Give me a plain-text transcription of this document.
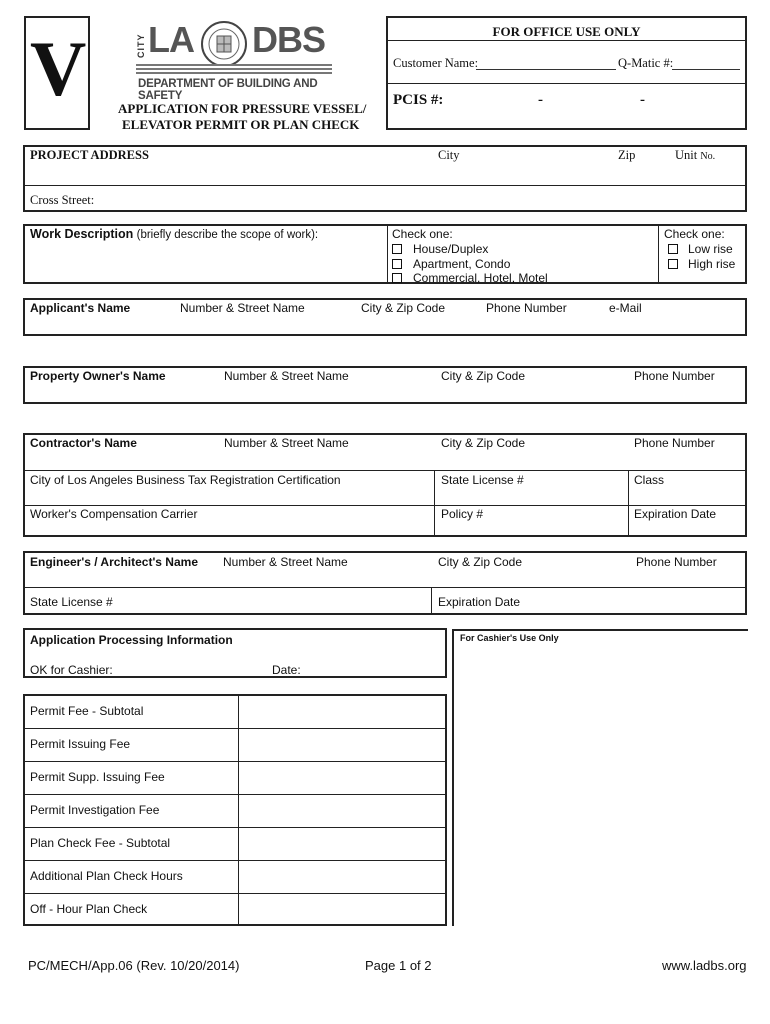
V	CITY LA DBS
DEPARTMENT OF BUILDING AND SAFETY
APPLICATION FOR PRESSURE VESSEL/
ELEVATOR PERMIT OR PLAN CHECK
FOR OFFICE USE ONLY
Customer Name:	Q-Matic #:
PCIS #:	-	-
PROJECT ADDRESS	City	Zip	Unit No.
Cross Street:
Work Description (briefly describe the scope of work):	Check one:
House/Duplex
Apartment, Condo
Commercial, Hotel, Motel
Check one:
Low rise
High rise
Applicant's Name	Number & Street Name	City & Zip Code	Phone Number	e-Mail
Property Owner's Name	Number & Street Name	City & Zip Code	Phone Number
Contractor's Name	Number & Street Name	City & Zip Code	Phone Number
City of Los Angeles Business Tax Registration Certification	State License #	Class
Worker's Compensation Carrier	Policy #	Expiration Date
Engineer's / Architect's Name Number & Street Name	City & Zip Code	Phone Number
State License #	Expiration Date
Application Processing Information
OK for Cashier:	Date:
For Cashier's Use Only
Permit Fee - Subtotal
Permit Issuing Fee
Permit Supp. Issuing Fee
Permit Investigation Fee
Plan Check Fee - Subtotal
Additional Plan Check Hours
Off - Hour Plan Check
PC/MECH/App.06 (Rev. 10/20/2014)	Page 1 of 2	www.ladbs.org
